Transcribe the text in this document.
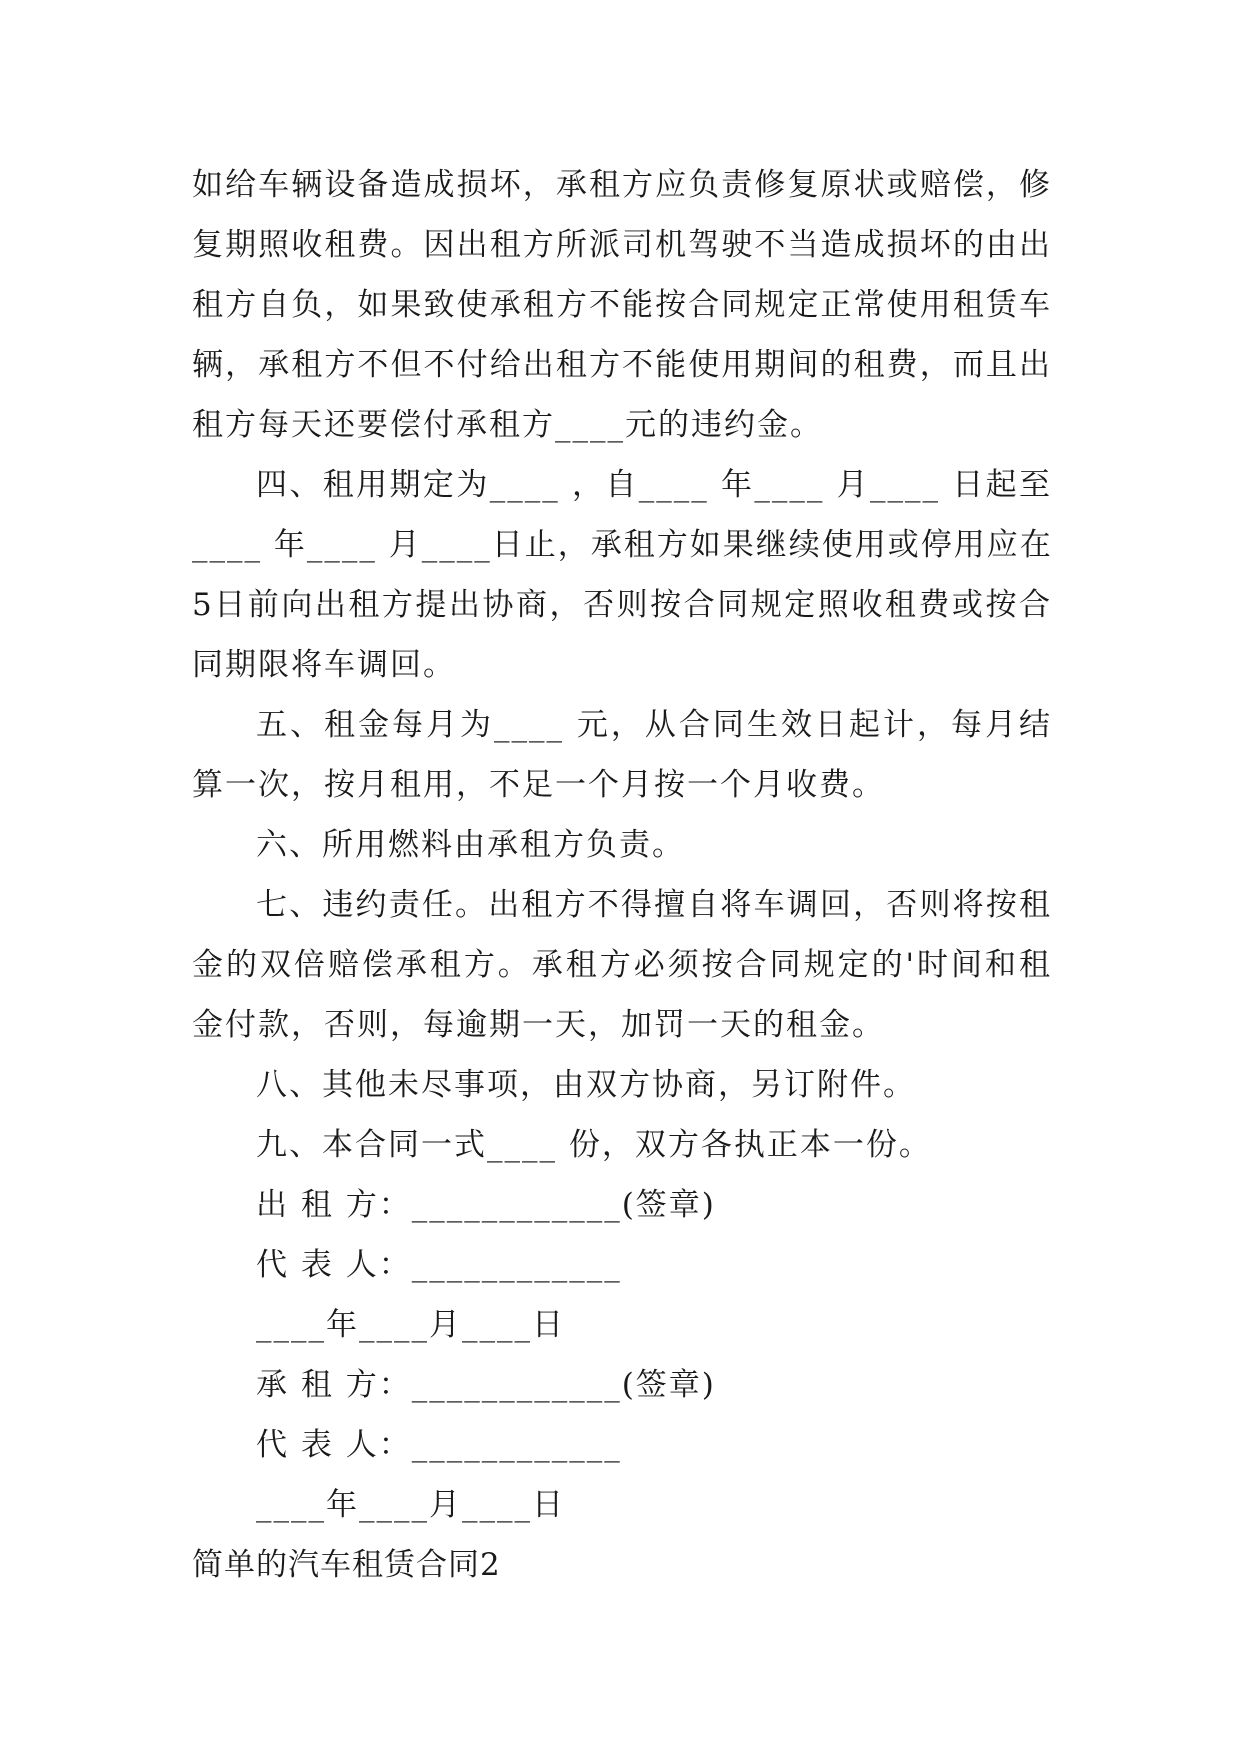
如给车辆设备造成损坏，承租方应负责修复原状或赔偿，修
复期照收租费。因出租方所派司机驾驶不当造成损坏的由出
租方自负，如果致使承租方不能按合同规定正常使用租赁车
辆，承租方不但不付给出租方不能使用期间的租费，而且出
租方每天还要偿付承租方____元的违约金。
四、租用期定为____ ，自____ 年____ 月____ 日起至
____ 年____ 月____日止，承租方如果继续使用或停用应在
5日前向出租方提出协商，否则按合同规定照收租费或按合
同期限将车调回。
五、租金每月为____ 元，从合同生效日起计，每月结
算一次，按月租用，不足一个月按一个月收费。
六、所用燃料由承租方负责。
七、违约责任。出租方不得擅自将车调回，否则将按租
金的双倍赔偿承租方。承租方必须按合同规定的'时间和租
金付款，否则，每逾期一天，加罚一天的租金。
八、其他未尽事项，由双方协商，另订附件。
九、本合同一式____ 份，双方各执正本一份。
出 租 方：____________(签章)
代 表 人：____________
____年____月____日
承 租 方：____________(签章)
代 表 人：____________
____年____月____日
简单的汽车租赁合同2
